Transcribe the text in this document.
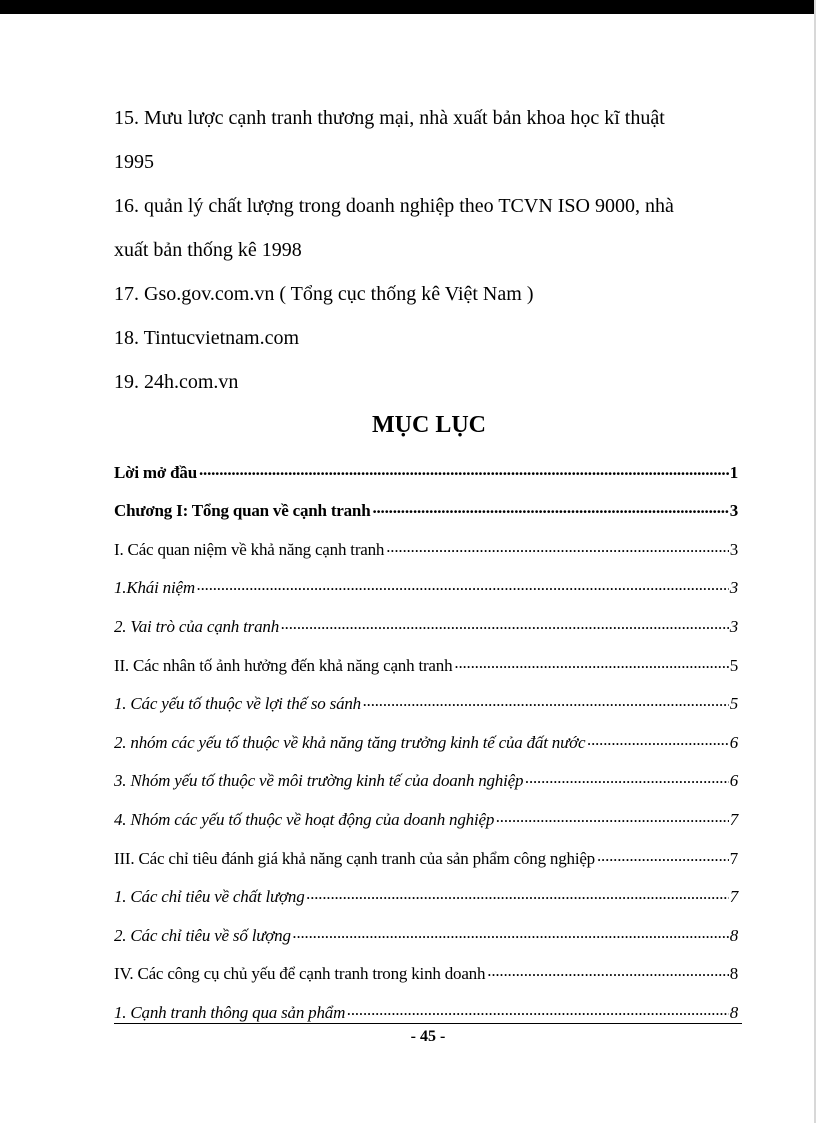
15. Mưu lược cạnh tranh thương mại, nhà xuất bản khoa học kĩ thuật
1995

16. quản lý chất lượng trong doanh nghiệp theo TCVN ISO 9000, nhà
xuất bản thống kê 1998

17. Gso.gov.com.vn ( Tổng cục thống kê Việt Nam )

18. Tintucvietnam.com

19. 24h.com.vn

MỤC LỤC
Lời mở đầu .....	1
Chương I: Tổng quan về cạnh tranh .....	3
I. Các quan niệm về khả năng cạnh tranh .....	3
1.Khái niệm .....	3
2. Vai trò của cạnh tranh .....	3
II. Các nhân tố ảnh hưởng đến khả năng cạnh tranh .....	5
1. Các yếu tố thuộc về lợi thế so sánh .....	5
2. nhóm các yếu tố thuộc về khả năng tăng trưởng kinh tế của đất nước .....	6
3. Nhóm yếu tố thuộc về môi trường kinh tế của doanh nghiệp .....	6
4. Nhóm các yếu tố thuộc về hoạt động của doanh nghiệp .....	7
III. Các chỉ tiêu đánh giá khả năng cạnh tranh của sản phẩm công nghiệp .....	7
1. Các chỉ tiêu về chất lượng .....	7
2. Các chỉ tiêu về số lượng .....	8
IV. Các công cụ chủ yếu để cạnh tranh trong kinh doanh .....	8
1. Cạnh tranh thông qua sản phẩm .....	8
- 45 -
